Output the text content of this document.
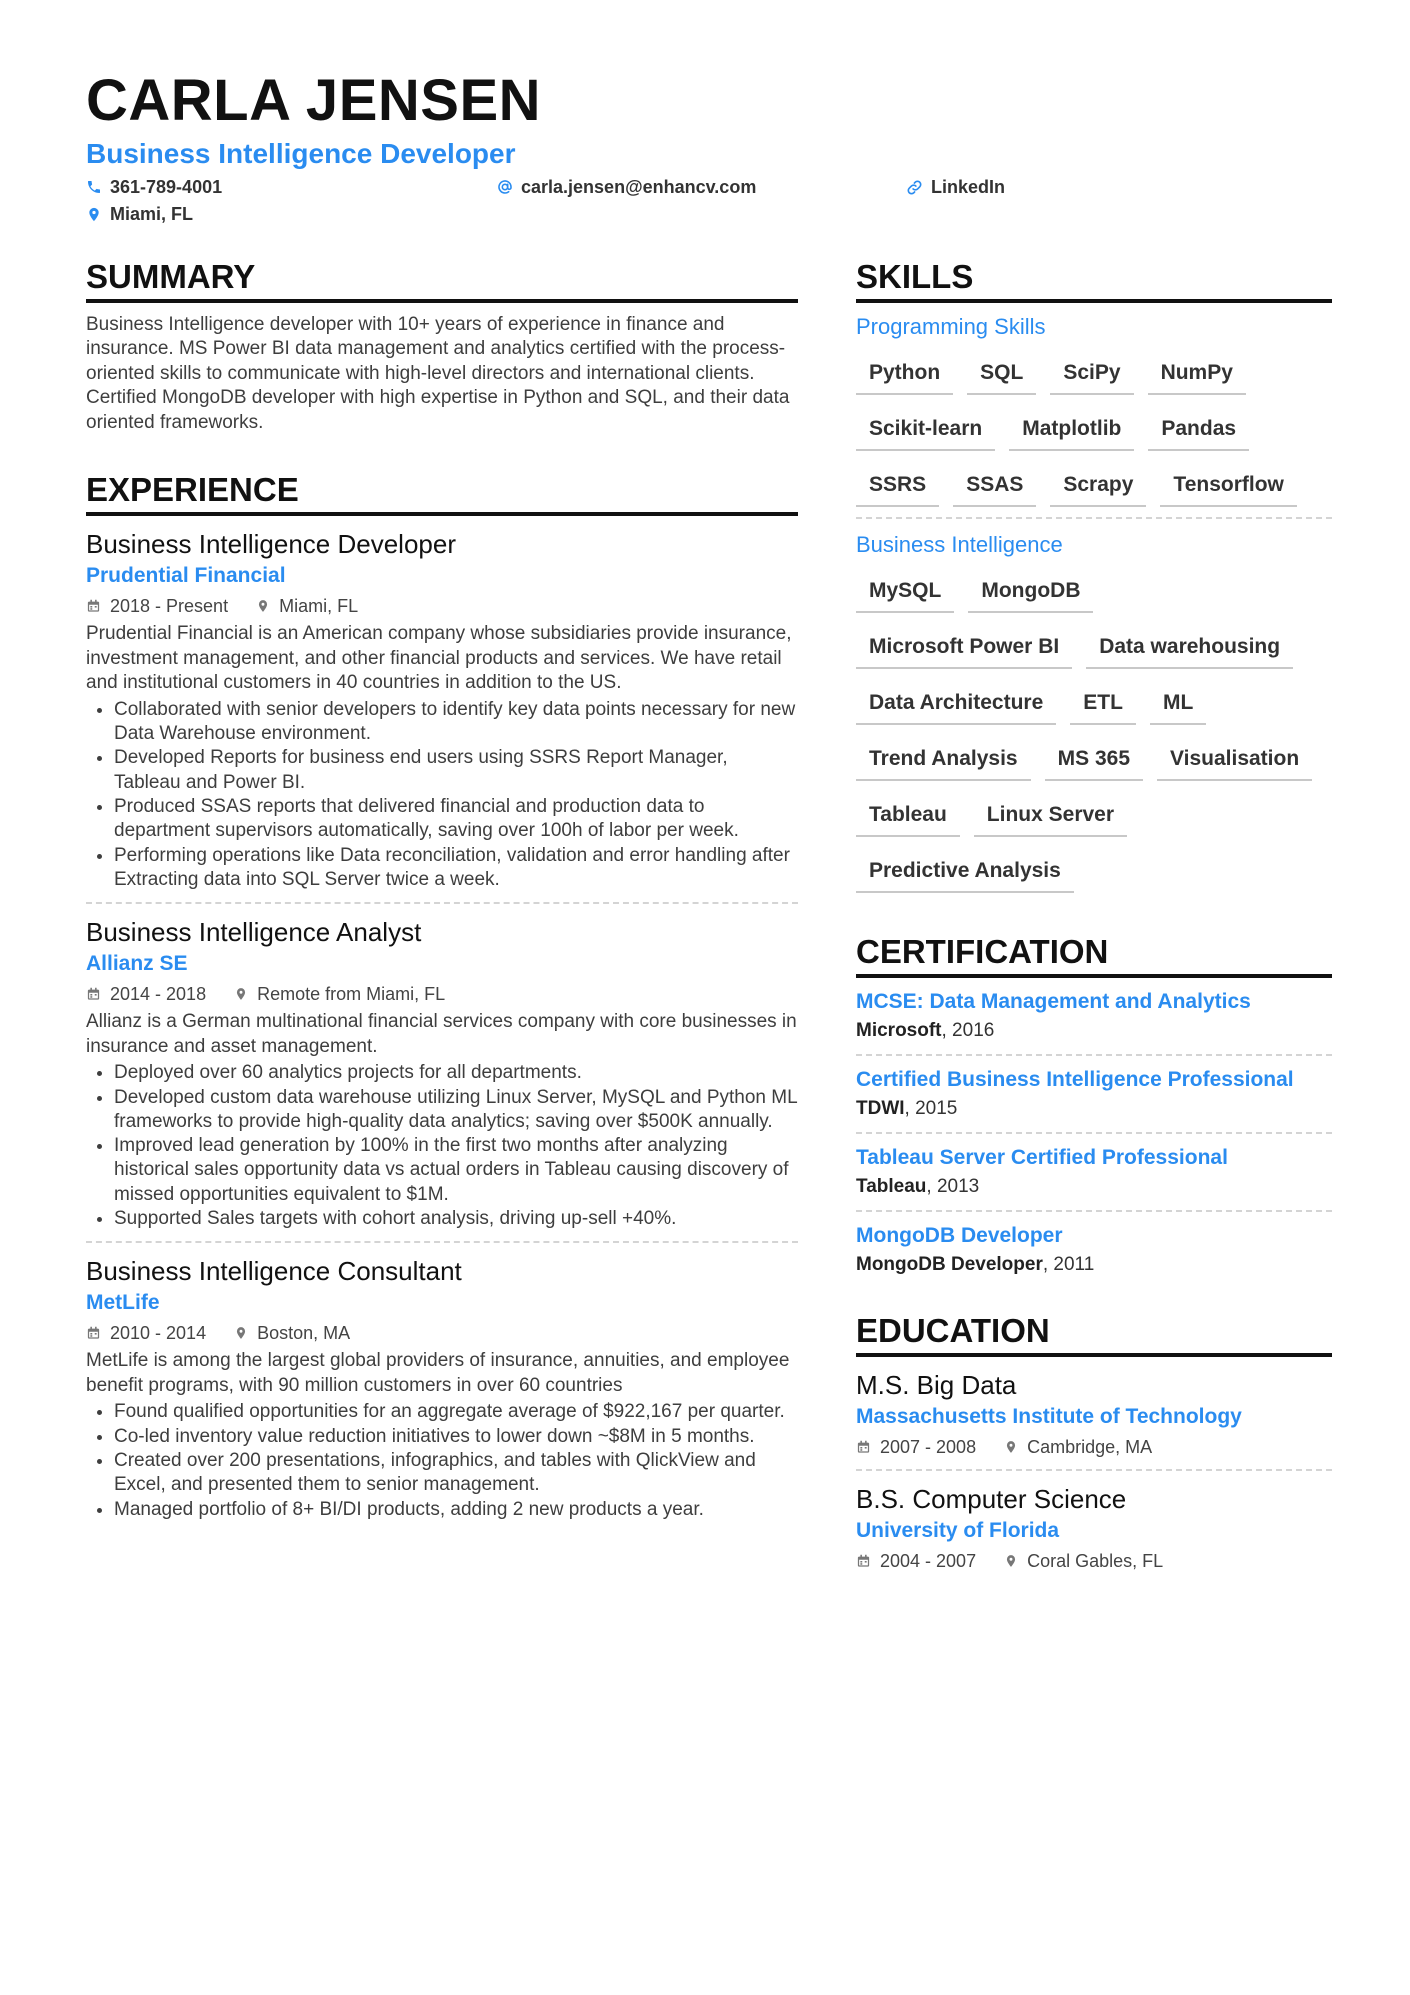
CARLA JENSEN
Business Intelligence Developer
361-789-4001	carla.jensen@enhancv.com	LinkedIn
Miami, FL
SUMMARY

Business Intelligence developer with 10+ years of experience in finance and insurance. MS Power BI data management and analytics certified with the process-oriented skills to communicate with high-level directors and international clients. Certified MongoDB developer with high expertise in Python and SQL, and their data oriented frameworks.

EXPERIENCE

Business Intelligence Developer

Prudential Financial

2018 - Present	Miami, FL

Prudential Financial is an American company whose subsidiaries provide insurance, investment management, and other financial products and services. We have retail and institutional customers in 40 countries in addition to the US.

• Collaborated with senior developers to identify key data points necessary for new Data Warehouse environment.
• Developed Reports for business end users using SSRS Report Manager, Tableau and Power BI.
• Produced SSAS reports that delivered financial and production data to department supervisors automatically, saving over 100h of labor per week.
• Performing operations like Data reconciliation, validation and error handling after Extracting data into SQL Server twice a week.

Business Intelligence Analyst

Allianz SE

2014 - 2018	Remote from Miami, FL

Allianz is a German multinational financial services company with core businesses in insurance and asset management.

• Deployed over 60 analytics projects for all departments.
• Developed custom data warehouse utilizing Linux Server, MySQL and Python ML frameworks to provide high-quality data analytics; saving over $500K annually.
• Improved lead generation by 100% in the first two months after analyzing historical sales opportunity data vs actual orders in Tableau causing discovery of missed opportunities equivalent to $1M.
• Supported Sales targets with cohort analysis, driving up-sell +40%.

Business Intelligence Consultant

MetLife

2010 - 2014	Boston, MA

MetLife is among the largest global providers of insurance, annuities, and employee benefit programs, with 90 million customers in over 60 countries

• Found qualified opportunities for an aggregate average of $922,167 per quarter.
• Co-led inventory value reduction initiatives to lower down ~$8M in 5 months.
• Created over 200 presentations, infographics, and tables with QlickView and Excel, and presented them to senior management.
• Managed portfolio of 8+ BI/DI products, adding 2 new products a year.
SKILLS

Programming Skills

Python	SQL	SciPy	NumPy
Scikit-learn	Matplotlib	Pandas
SSRS	SSAS	Scrapy	Tensorflow

Business Intelligence

MySQL	MongoDB
Microsoft Power BI	Data warehousing
Data Architecture	ETL	ML
Trend Analysis	MS 365	Visualisation
Tableau	Linux Server
Predictive Analysis
CERTIFICATION

MCSE: Data Management and Analytics

Microsoft, 2016

Certified Business Intelligence Professional

TDWI, 2015

Tableau Server Certified Professional

Tableau, 2013

MongoDB Developer

MongoDB Developer, 2011

EDUCATION

M.S. Big Data

Massachusetts Institute of Technology

2007 - 2008	Cambridge, MA

B.S. Computer Science

University of Florida

2004 - 2007	Coral Gables, FL
